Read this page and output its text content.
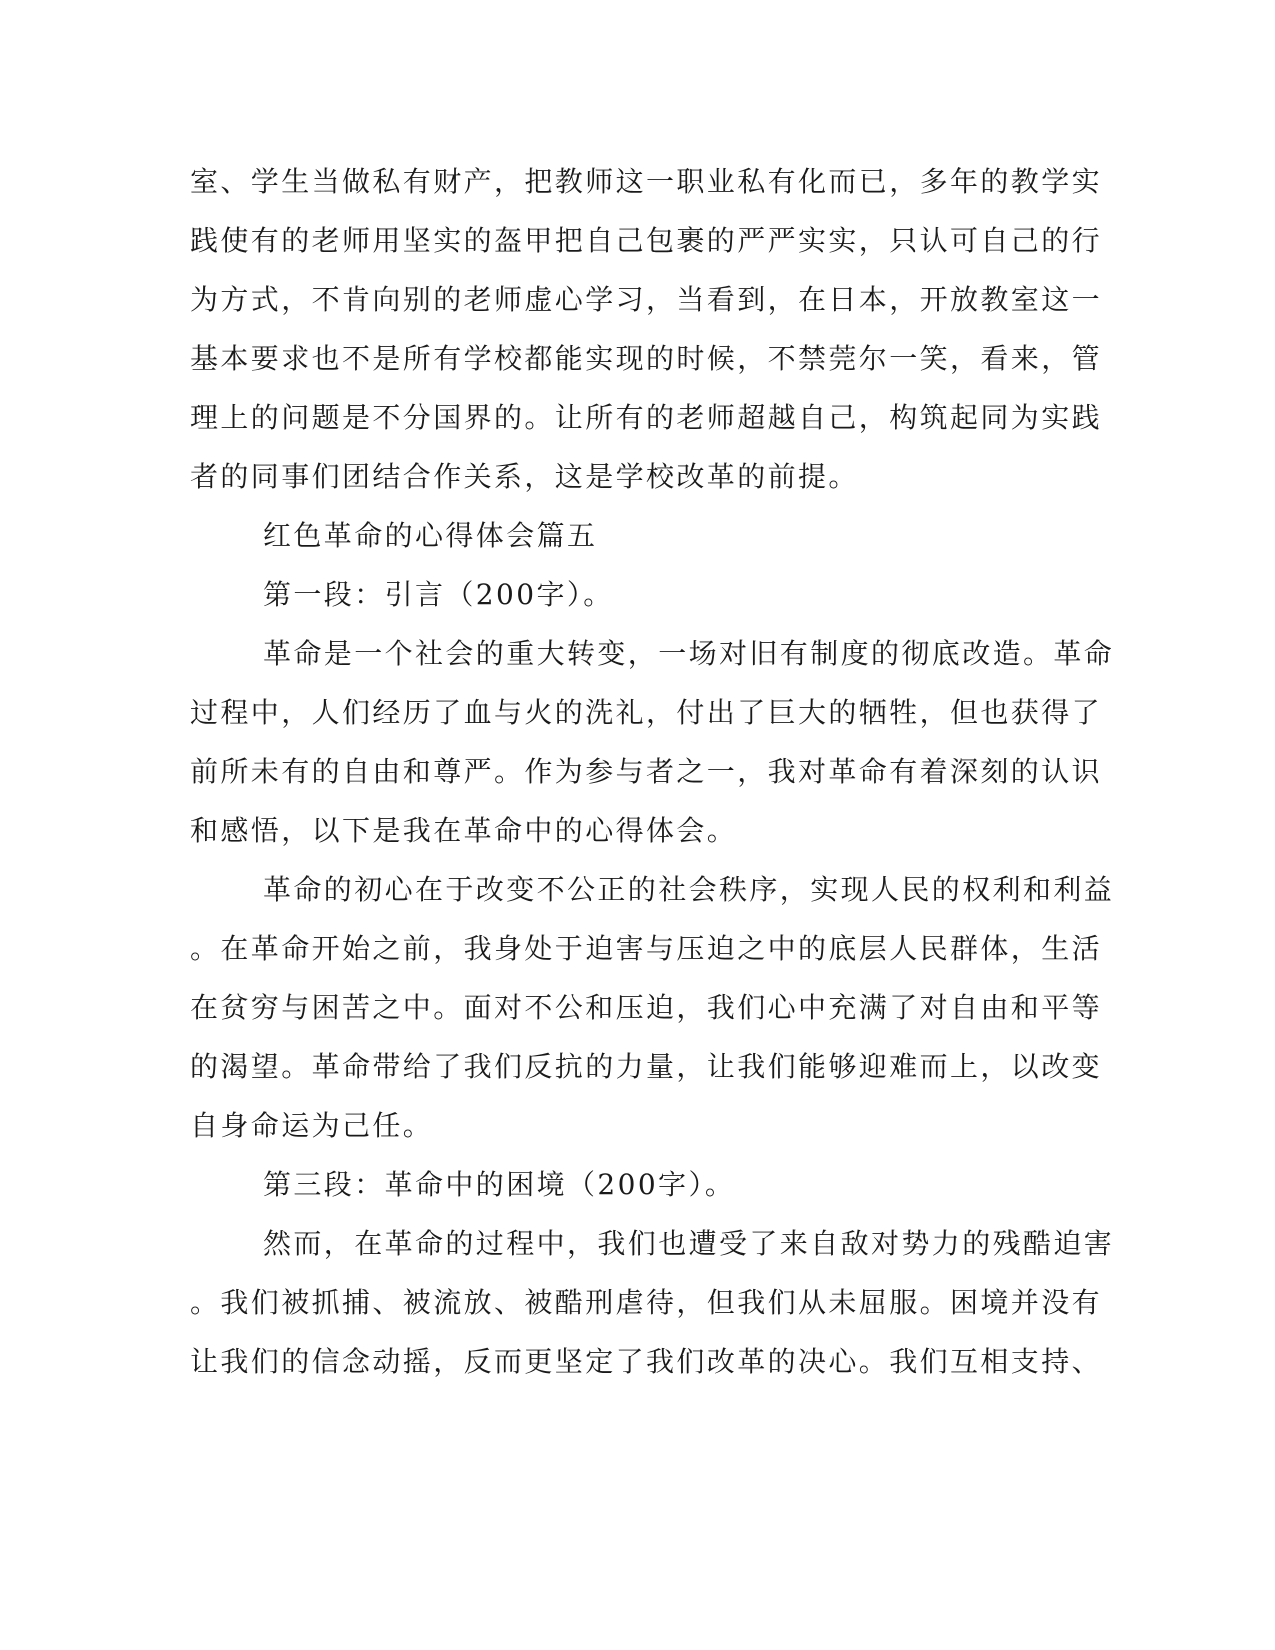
室、学生当做私有财产，把教师这一职业私有化而已，多年的教学实
践使有的老师用坚实的盔甲把自己包裹的严严实实，只认可自己的行
为方式，不肯向别的老师虚心学习，当看到，在日本，开放教室这一
基本要求也不是所有学校都能实现的时候，不禁莞尔一笑，看来，管
理上的问题是不分国界的。让所有的老师超越自己，构筑起同为实践
者的同事们团结合作关系，这是学校改革的前提。
红色革命的心得体会篇五
第一段：引言（200字）。
革命是一个社会的重大转变，一场对旧有制度的彻底改造。革命
过程中，人们经历了血与火的洗礼，付出了巨大的牺牲，但也获得了
前所未有的自由和尊严。作为参与者之一，我对革命有着深刻的认识
和感悟，以下是我在革命中的心得体会。
革命的初心在于改变不公正的社会秩序，实现人民的权利和利益
。在革命开始之前，我身处于迫害与压迫之中的底层人民群体，生活
在贫穷与困苦之中。面对不公和压迫，我们心中充满了对自由和平等
的渴望。革命带给了我们反抗的力量，让我们能够迎难而上，以改变
自身命运为己任。
第三段：革命中的困境（200字）。
然而，在革命的过程中，我们也遭受了来自敌对势力的残酷迫害
。我们被抓捕、被流放、被酷刑虐待，但我们从未屈服。困境并没有
让我们的信念动摇，反而更坚定了我们改革的决心。我们互相支持、
